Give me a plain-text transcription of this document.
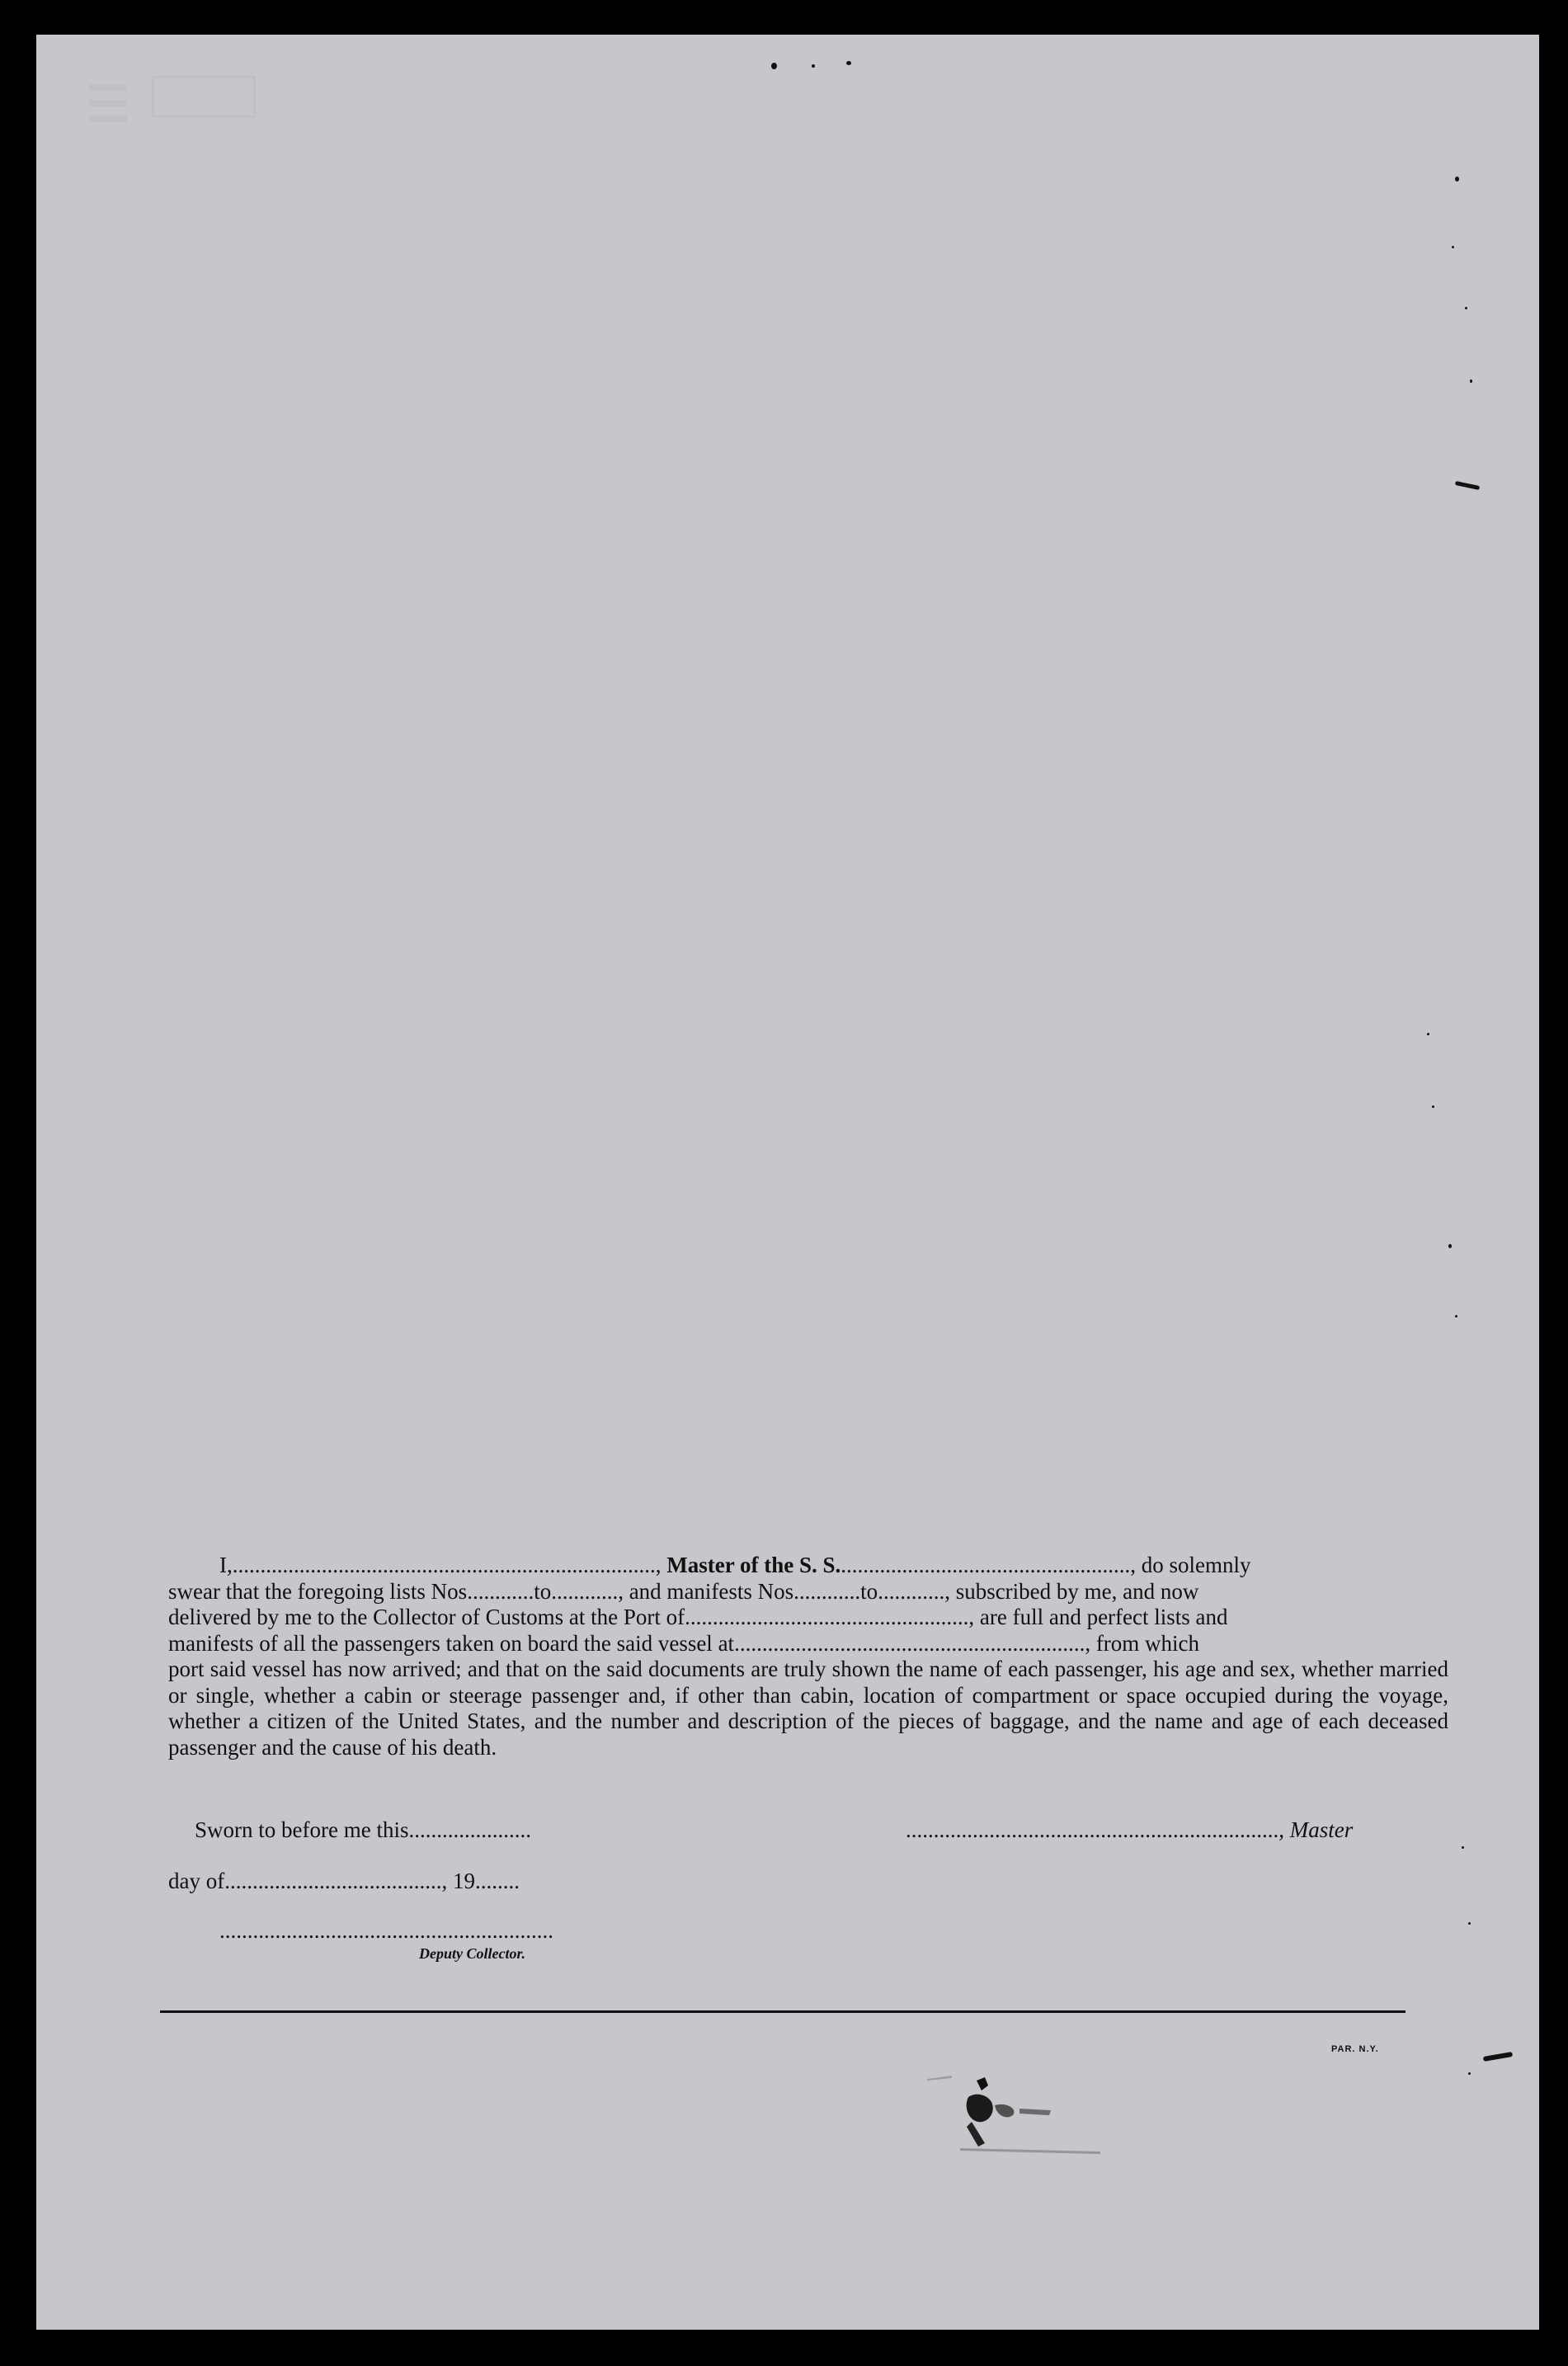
☰

I,............................................................................, Master of the S. S....................................................., do solemnly

swear that the foregoing lists Nos............to............, and manifests Nos............to............, subscribed by me, and now
delivered by me to the Collector of Customs at the Port of..................................................., are full and perfect lists and
manifests of all the passengers taken on board the said vessel at..............................................................., from which
port said vessel has now arrived; and that on the said documents are truly shown the name of each passenger, his age and sex, whether married or single, whether a cabin or steerage passenger and, if other than cabin, location of compartment or space occupied during the voyage, whether a citizen of the United States, and the number and description of the pieces of baggage, and the name and age of each deceased passenger and the cause of his death.
Sworn to before me this......................	..................................................................., Master
day of......................................., 19........
............................................................
Deputy Collector.
PAR. N.Y.
